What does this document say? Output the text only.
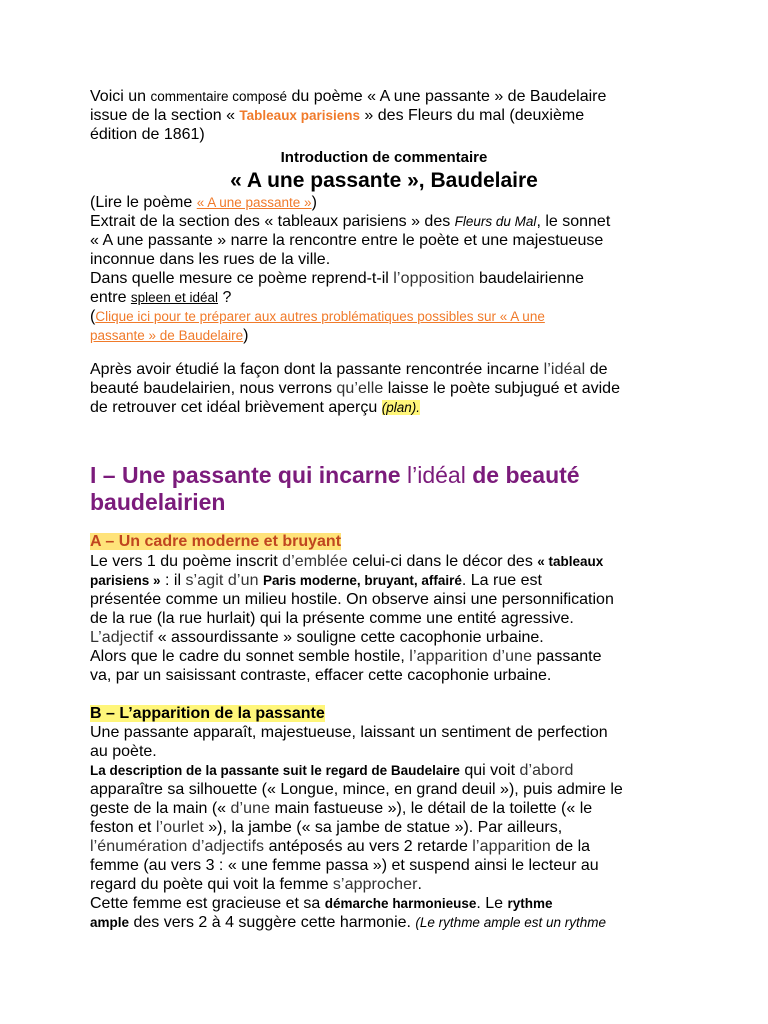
Voici un commentaire composé du poème « A une passante » de Baudelaire
issue de la section « Tableaux parisiens » des Fleurs du mal (deuxième
édition de 1861)
Introduction de commentaire
« A une passante », Baudelaire
(Lire le poème « A une passante »)
Extrait de la section des « tableaux parisiens » des Fleurs du Mal, le sonnet
« A une passante » narre la rencontre entre le poète et une majestueuse
inconnue dans les rues de la ville.
Dans quelle mesure ce poème reprend-t-il l’opposition baudelairienne
entre spleen et idéal ?
(Clique ici pour te préparer aux autres problématiques possibles sur « A une
passante » de Baudelaire)
Après avoir étudié la façon dont la passante rencontrée incarne l’idéal de
beauté baudelairien, nous verrons qu’elle laisse le poète subjugué et avide
de retrouver cet idéal brièvement aperçu (plan).
I – Une passante qui incarne l’idéal de beauté
baudelairien
A – Un cadre moderne et bruyant
Le vers 1 du poème inscrit d’emblée celui-ci dans le décor des « tableaux
parisiens » : il s’agit d’un Paris moderne, bruyant, affairé. La rue est
présentée comme un milieu hostile. On observe ainsi une personnification
de la rue (la rue hurlait) qui la présente comme une entité agressive.
L’adjectif « assourdissante » souligne cette cacophonie urbaine.
Alors que le cadre du sonnet semble hostile, l’apparition d’une passante
va, par un saisissant contraste, effacer cette cacophonie urbaine.
B – L’apparition de la passante
Une passante apparaît, majestueuse, laissant un sentiment de perfection
au poète.
La description de la passante suit le regard de Baudelaire qui voit d’abord
apparaître sa silhouette (« Longue, mince, en grand deuil »), puis admire le
geste de la main (« d’une main fastueuse »), le détail de la toilette (« le
feston et l’ourlet »), la jambe (« sa jambe de statue »). Par ailleurs,
l’énumération d’adjectifs antéposés au vers 2 retarde l’apparition de la
femme (au vers 3 : « une femme passa ») et suspend ainsi le lecteur au
regard du poète qui voit la femme s’approcher.
Cette femme est gracieuse et sa démarche harmonieuse. Le rythme
ample des vers 2 à 4 suggère cette harmonie. (Le rythme ample est un rythme
